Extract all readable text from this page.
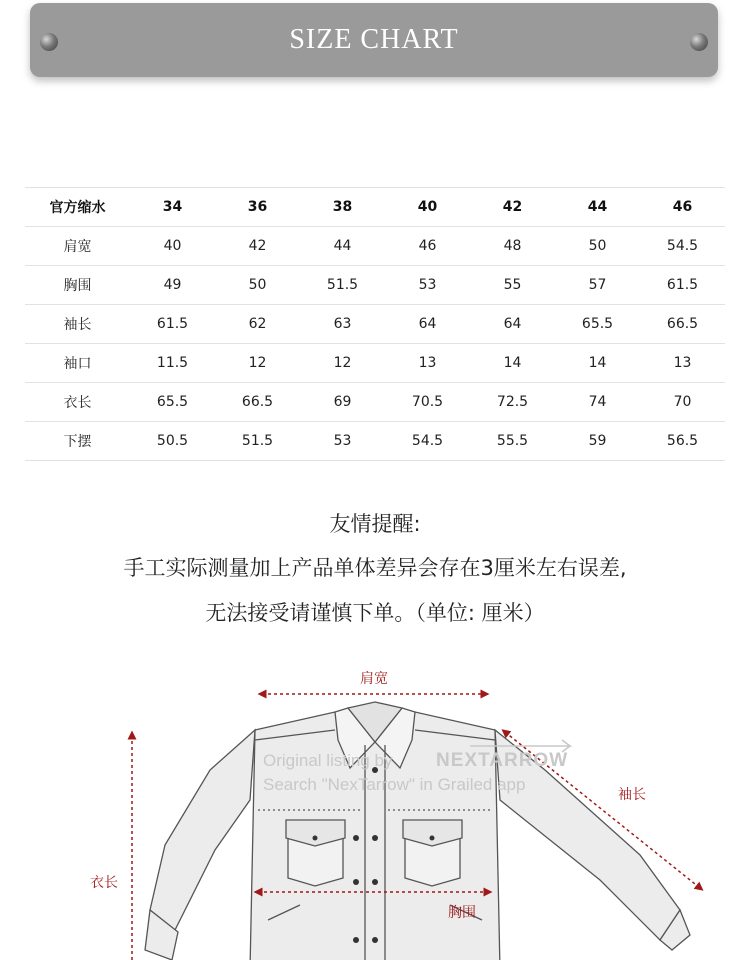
SIZE CHART
官方缩水	34	36	38	40	42	44	46
肩宽	40	42	44	46	48	50	54.5
胸围	49	50	51.5	53	55	57	61.5
袖长	61.5	62	63	64	64	65.5	66.5
袖口	11.5	12	12	13	14	14	13
衣长	65.5	66.5	69	70.5	72.5	74	70
下摆	50.5	51.5	53	54.5	55.5	59	56.5
友情提醒:
手工实际测量加上产品单体差异会存在3厘米左右误差,
无法接受请谨慎下单。（单位: 厘米）
肩宽
袖长
衣长
胸围
Original listing by NEXTARROW
Search "NexTarrow" in Grailed app
